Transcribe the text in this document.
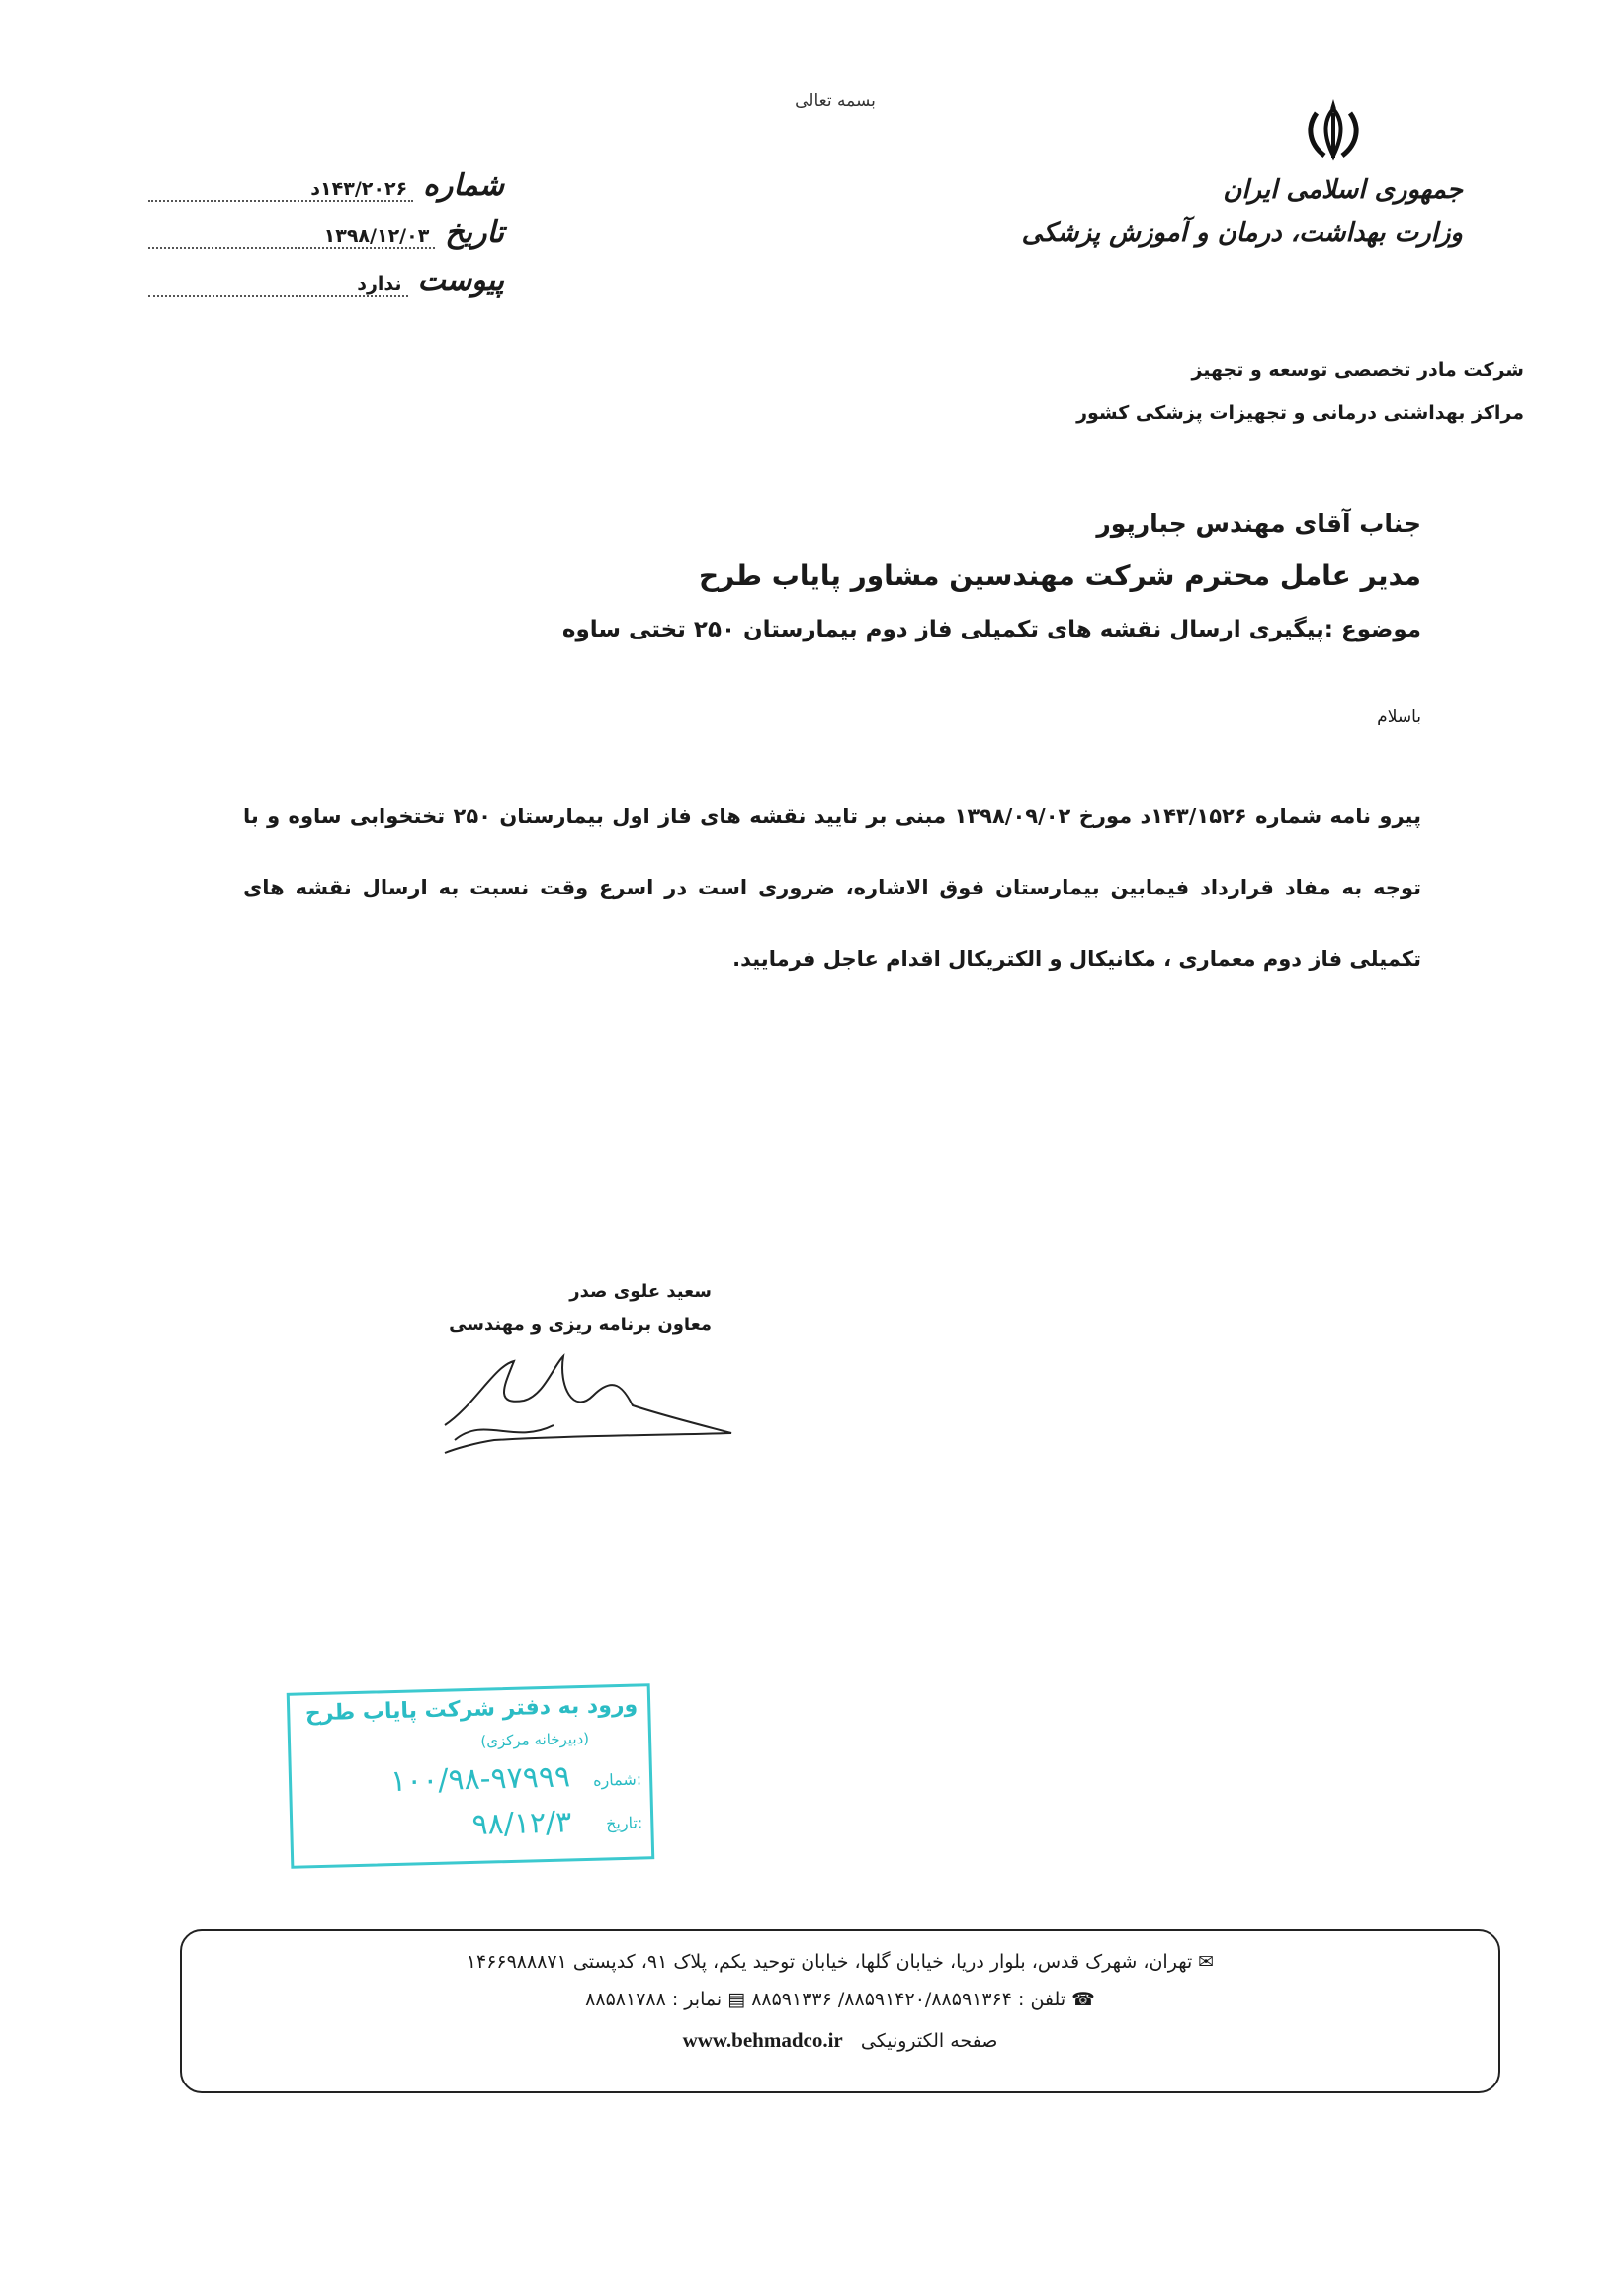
بسمه تعالی
جمهوری اسلامی ایران
وزارت بهداشت، درمان و آموزش پزشکی
شرکت مادر تخصصی توسعه و تجهیز
مراکز بهداشتی درمانی و تجهیزات پزشکی کشور
شماره
۱۴۳/۲۰۲۶د
تاریخ
۱۳۹۸/۱۲/۰۳
پیوست
ندارد
جناب آقای مهندس جبارپور
مدیر عامل محترم شرکت مهندسین مشاور پایاب طرح
موضوع :پیگیری ارسال نقشه های تکمیلی فاز دوم بیمارستان ۲۵۰ تختی ساوه
باسلام
پیرو نامه شماره ۱۴۳/۱۵۲۶د مورخ ۱۳۹۸/۰۹/۰۲ مبنی بر تایید نقشه های فاز اول بیمارستان ۲۵۰ تختخوابی ساوه و با توجه به مفاد قرارداد فیمابین بیمارستان فوق الاشاره، ضروری است در اسرع وقت نسبت به ارسال نقشه های تکمیلی فاز دوم معماری ، مکانیکال و الکتریکال اقدام عاجل فرمایید.
سعید علوی صدر
معاون برنامه ریزی و مهندسی
ورود به دفتر شرکت پایاب طرح
(دبیرخانه مرکزی)
شماره:
۱۰۰/۹۸-۹۷۹۹۹
تاریخ:
۹۸/۱۲/۳
✉ تهران، شهرک قدس، بلوار دریا، خیابان گلها، خیابان توحید یکم، پلاک ۹۱، کدپستی ۱۴۶۶۹۸۸۸۷۱
☎ تلفن : ۸۸۵۹۱۴۲۰/۸۸۵۹۱۳۶۴/ ۸۸۵۹۱۳۳۶ ▤ نمابر : ۸۸۵۸۱۷۸۸
صفحه الکترونیکی   www.behmadco.ir
